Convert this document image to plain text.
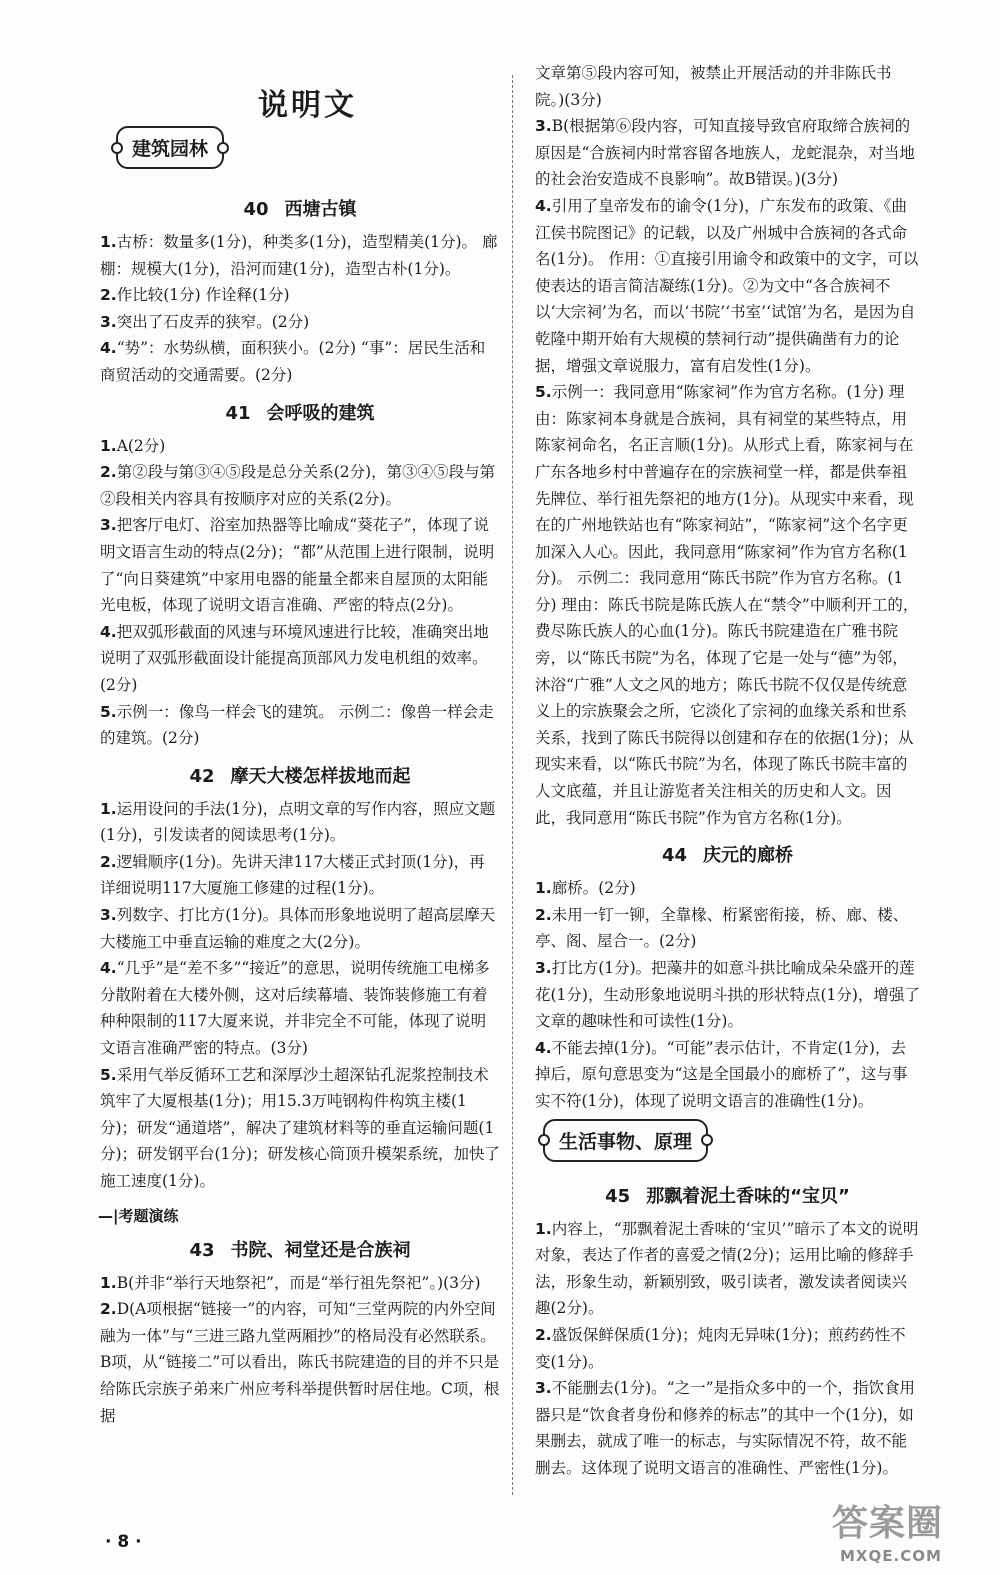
说明文
建筑园林
40 西塘古镇

1.古桥：数量多(1分)，种类多(1分)，造型精美(1分)。 廊棚：规模大(1分)，沿河而建(1分)，造型古朴(1分)。

2.作比较(1分) 作诠释(1分)

3.突出了石皮弄的狭窄。(2分)

4.“势”：水势纵横，面积狭小。(2分) “事”：居民生活和商贸活动的交通需要。(2分)

41 会呼吸的建筑

1.A(2分)

2.第②段与第③④⑤段是总分关系(2分)，第③④⑤段与第②段相关内容具有按顺序对应的关系(2分)。

3.把客厅电灯、浴室加热器等比喻成“葵花子”，体现了说明文语言生动的特点(2分)；“都”从范围上进行限制，说明了“向日葵建筑”中家用电器的能量全都来自屋顶的太阳能光电板，体现了说明文语言准确、严密的特点(2分)。

4.把双弧形截面的风速与环境风速进行比较，准确突出地说明了双弧形截面设计能提高顶部风力发电机组的效率。(2分)

5.示例一：像鸟一样会飞的建筑。 示例二：像兽一样会走的建筑。(2分)

42 摩天大楼怎样拔地而起

1.运用设问的手法(1分)，点明文章的写作内容，照应文题(1分)，引发读者的阅读思考(1分)。

2.逻辑顺序(1分)。先讲天津117大楼正式封顶(1分)，再详细说明117大厦施工修建的过程(1分)。

3.列数字、打比方(1分)。具体而形象地说明了超高层摩天大楼施工中垂直运输的难度之大(2分)。

4.“几乎”是“差不多”“接近”的意思，说明传统施工电梯多分散附着在大楼外侧，这对后续幕墙、装饰装修施工有着种种限制的117大厦来说，并非完全不可能，体现了说明文语言准确严密的特点。(3分)

5.采用气举反循环工艺和深厚沙土超深钻孔泥浆控制技术筑牢了大厦根基(1分)；用15.3万吨钢构件构筑主楼(1分)；研发“通道塔”，解决了建筑材料等的垂直运输问题(1分)；研发钢平台(1分)；研发核心筒顶升模架系统，加快了施工速度(1分)。

—|考题演练
43 书院、祠堂还是合族祠

1.B(并非“举行天地祭祀”，而是“举行祖先祭祀”。)(3分)

2.D(A项根据“链接一”的内容，可知“三堂两院的内外空间融为一体”与“三进三路九堂两厢抄”的格局没有必然联系。B项，从“链接二”可以看出，陈氏书院建造的目的并不只是给陈氏宗族子弟来广州应考科举提供暂时居住地。C项，根据

文章第⑤段内容可知，被禁止开展活动的并非陈氏书院。)(3分)

3.B(根据第⑥段内容，可知直接导致官府取缔合族祠的原因是“合族祠内时常容留各地族人，龙蛇混杂，对当地的社会治安造成不良影响”。故B错误。)(3分)

4.引用了皇帝发布的谕令(1分)，广东发布的政策、《曲江侯书院图记》的记载，以及广州城中合族祠的各式命名(1分)。 作用：①直接引用谕令和政策中的文字，可以使表达的语言简洁凝练(1分)。②为文中“各合族祠不以‘大宗祠’为名，而以‘书院’‘书室’‘试馆’为名，是因为自乾隆中期开始有大规模的禁祠行动”提供确凿有力的论据，增强文章说服力，富有启发性(1分)。

5.示例一：我同意用“陈家祠”作为官方名称。(1分) 理由：陈家祠本身就是合族祠，具有祠堂的某些特点，用陈家祠命名，名正言顺(1分)。从形式上看，陈家祠与在广东各地乡村中普遍存在的宗族祠堂一样，都是供奉祖先牌位、举行祖先祭祀的地方(1分)。从现实中来看，现在的广州地铁站也有“陈家祠站”，“陈家祠”这个名字更加深入人心。因此，我同意用“陈家祠”作为官方名称(1分)。 示例二：我同意用“陈氏书院”作为官方名称。(1分) 理由：陈氏书院是陈氏族人在“禁令”中顺利开工的，费尽陈氏族人的心血(1分)。陈氏书院建造在广雅书院旁，以“陈氏书院”为名，体现了它是一处与“德”为邻，沐浴“广雅”人文之风的地方；陈氏书院不仅仅是传统意义上的宗族聚会之所，它淡化了宗祠的血缘关系和世系关系，找到了陈氏书院得以创建和存在的依据(1分)；从现实来看，以“陈氏书院”为名，体现了陈氏书院丰富的人文底蕴，并且让游览者关注相关的历史和人文。因此，我同意用“陈氏书院”作为官方名称(1分)。

44 庆元的廊桥

1.廊桥。(2分)

2.未用一钉一铆，全靠椽、桁紧密衔接，桥、廊、楼、亭、阁、屋合一。(2分)

3.打比方(1分)。把藻井的如意斗拱比喻成朵朵盛开的莲花(1分)，生动形象地说明斗拱的形状特点(1分)，增强了文章的趣味性和可读性(1分)。

4.不能去掉(1分)。“可能”表示估计，不肯定(1分)，去掉后，原句意思变为“这是全国最小的廊桥了”，这与事实不符(1分)，体现了说明文语言的准确性(1分)。

生活事物、原理
45 那飘着泥土香味的“宝贝”

1.内容上，“那飘着泥土香味的‘宝贝’”暗示了本文的说明对象，表达了作者的喜爱之情(2分)；运用比喻的修辞手法，形象生动，新颖别致，吸引读者，激发读者阅读兴趣(2分)。

2.盛饭保鲜保质(1分)；炖肉无异味(1分)；煎药药性不变(1分)。

3.不能删去(1分)。“之一”是指众多中的一个，指饮食用器只是“饮食者身份和修养的标志”的其中一个(1分)，如果删去，就成了唯一的标志，与实际情况不符，故不能删去。这体现了说明文语言的准确性、严密性(1分)。

· 8 ·	答案圈
MXQE.COM
